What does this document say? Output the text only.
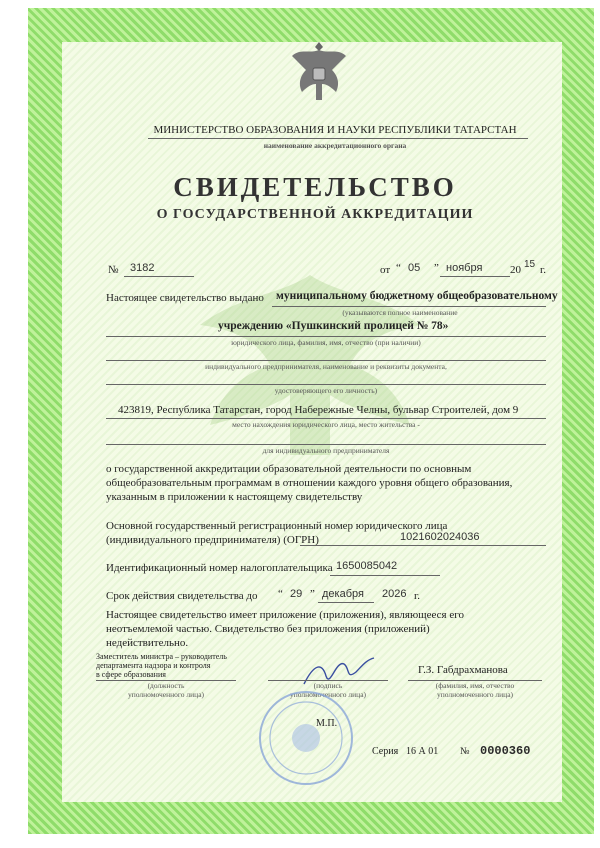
МИНИСТЕРСТВО ОБРАЗОВАНИЯ И НАУКИ РЕСПУБЛИКИ ТАТАРСТАН
наименование аккредитационного органа
СВИДЕТЕЛЬСТВО
О ГОСУДАРСТВЕННОЙ АККРЕДИТАЦИИ
№ 3182	от “ 05 ” ноября	20 15 г.
Настоящее свидетельство выдано муниципальному бюджетному общеобразовательному
(указываются полное наименование
учреждению «Пушкинский пролицей № 78»
юридического лица, фамилия, имя, отчество (при наличии)
индивидуального предпринимателя, наименование и реквизиты документа,
удостоверяющего его личность)
423819, Республика Татарстан, город Набережные Челны, бульвар Строителей, дом 9
место нахождения юридического лица, место жительства -
для индивидуального предпринимателя
о государственной аккредитации образовательной деятельности по основным
общеобразовательным программам в отношении каждого уровня общего образования,
указанным в приложении к настоящему свидетельству
Основной государственный регистрационный номер юридического лица
(индивидуального предпринимателя) (ОГРН)	1021602024036
Идентификационный номер налогоплательщика 1650085042
Срок действия свидетельства до “ 29 ” декабря 2026 г.
Настоящее свидетельство имеет приложение (приложения), являющееся его
неотъемлемой частью. Свидетельство без приложения (приложений)
недействительно.
Заместитель министра – руководитель
департамента надзора и контроля
в сфере образования
(должность
уполномоченного лица)
(подпись
уполномоченного лица)
Г.З. Габдрахманова
(фамилия, имя, отчество
уполномоченного лица)
М.П.
Серия 16 А 01 № 0000360
